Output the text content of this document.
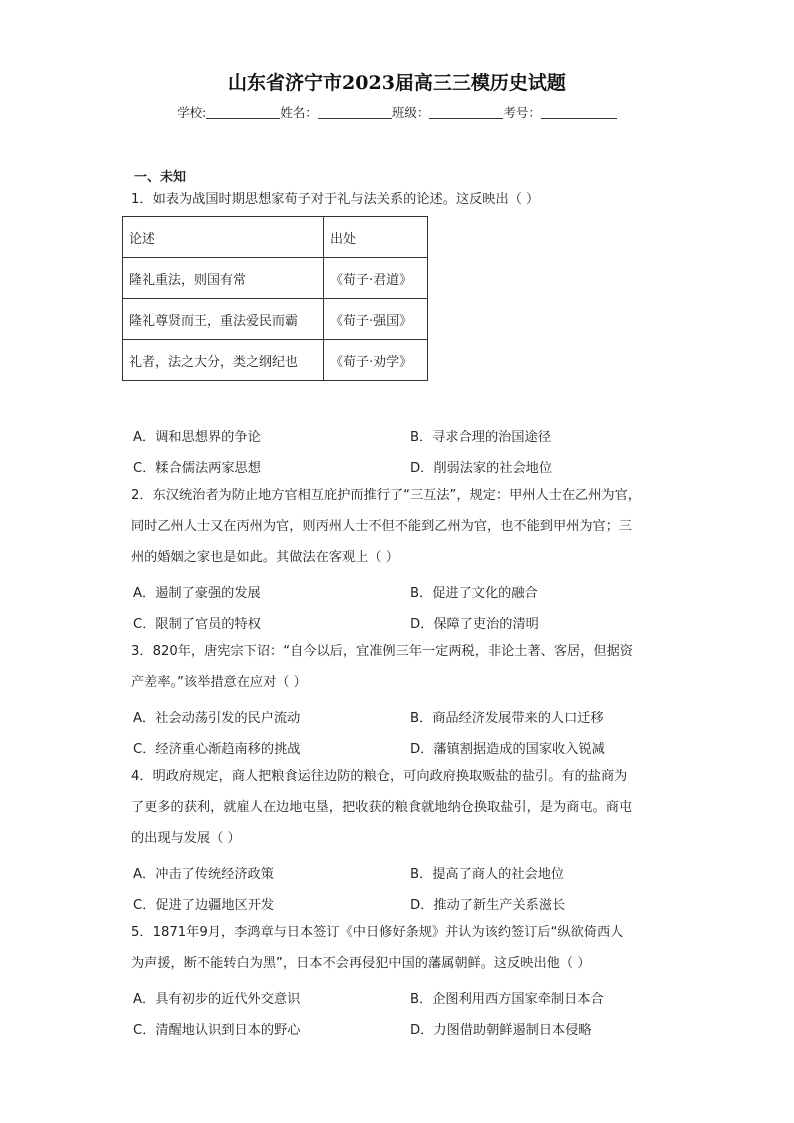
山东省济宁市2023届高三三模历史试题
学校:	姓名：	班级：	考号：
一、未知
1．如表为战国时期思想家荀子对于礼与法关系的论述。这反映出（ ）
论述	出处
隆礼重法，则国有常	《荀子·君道》
隆礼尊贤而王，重法爱民而霸	《荀子·强国》
礼者，法之大分，类之纲纪也	《荀子·劝学》
A．调和思想界的争论	B．寻求合理的治国途径
C．糅合儒法两家思想	D．削弱法家的社会地位
2．东汉统治者为防止地方官相互庇护而推行了“三互法”，规定：甲州人士在乙州为官，
同时乙州人士又在丙州为官，则丙州人士不但不能到乙州为官，也不能到甲州为官；三
州的婚姻之家也是如此。其做法在客观上（ ）
A．遏制了豪强的发展	B．促进了文化的融合
C．限制了官员的特权	D．保障了吏治的清明
3．820年，唐宪宗下诏：“自今以后，宜准例三年一定两税，非论土著、客居，但据资
产差率。”该举措意在应对（ ）
A．社会动荡引发的民户流动	B．商品经济发展带来的人口迁移
C．经济重心渐趋南移的挑战	D．藩镇割据造成的国家收入锐减
4．明政府规定，商人把粮食运往边防的粮仓，可向政府换取贩盐的盐引。有的盐商为
了更多的获利，就雇人在边地屯垦，把收获的粮食就地纳仓换取盐引，是为商屯。商屯
的出现与发展（ ）
A．冲击了传统经济政策	B．提高了商人的社会地位
C．促进了边疆地区开发	D．推动了新生产关系滋长
5．1871年9月，李鸿章与日本签订《中日修好条规》并认为该约签订后“纵欲倚西人
为声援，断不能转白为黑”，日本不会再侵犯中国的藩属朝鲜。这反映出他（ ）
A．具有初步的近代外交意识	B．企图利用西方国家牵制日本合
C．清醒地认识到日本的野心	D．力图借助朝鲜遏制日本侵略
